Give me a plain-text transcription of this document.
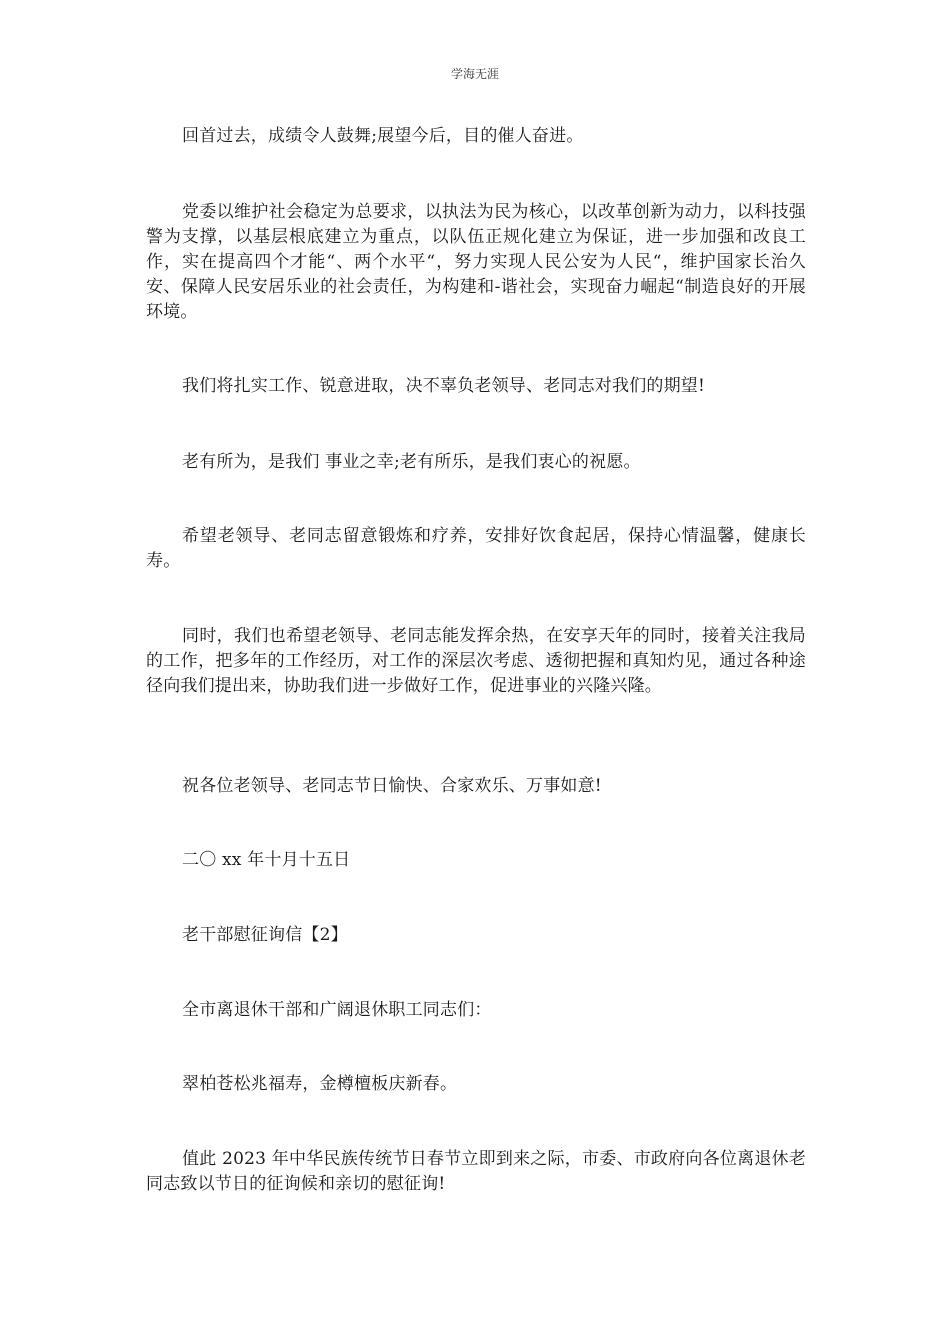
学海无涯

回首过去，成绩令人鼓舞;展望今后，目的催人奋进。

党委以维护社会稳定为总要求，以执法为民为核心，以改革创新为动力，以科技强警为支撑，以基层根底建立为重点，以队伍正规化建立为保证，进一步加强和改良工作，实在提高四个才能“、两个水平“，努力实现人民公安为人民“，维护国家长治久安、保障人民安居乐业的社会责任，为构建和-谐社会，实现奋力崛起“制造良好的开展环境。

我们将扎实工作、锐意进取，决不辜负老领导、老同志对我们的期望!

老有所为，是我们 事业之幸;老有所乐，是我们衷心的祝愿。

希望老领导、老同志留意锻炼和疗养，安排好饮食起居，保持心情温馨，健康长寿。

同时，我们也希望老领导、老同志能发挥余热，在安享天年的同时，接着关注我局的工作，把多年的工作经历，对工作的深层次考虑、透彻把握和真知灼见，通过各种途径向我们提出来，协助我们进一步做好工作，促进事业的兴隆兴隆。

祝各位老领导、老同志节日愉快、合家欢乐、万事如意!

二〇 xx 年十月十五日

老干部慰征询信【2】

全市离退休干部和广阔退休职工同志们：

翠柏苍松兆福寿，金樽檀板庆新春。

值此 2023 年中华民族传统节日春节立即到来之际，市委、市政府向各位离退休老同志致以节日的征询候和亲切的慰征询!
